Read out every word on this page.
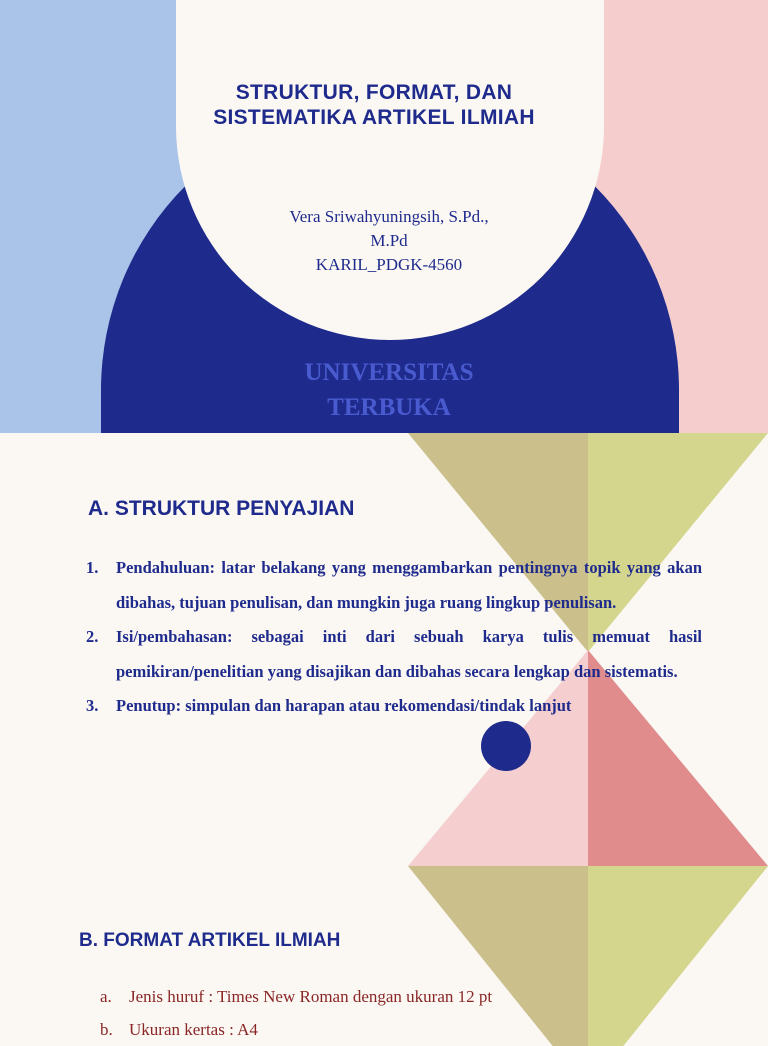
STRUKTUR, FORMAT, DAN
SISTEMATIKA ARTIKEL ILMIAH
Vera Sriwahyuningsih, S.Pd.,
M.Pd
KARIL_PDGK-4560
UNIVERSITAS
TERBUKA
A. STRUKTUR PENYAJIAN
1. Pendahuluan: latar belakang yang menggambarkan pentingnya topik yang akan dibahas, tujuan penulisan, dan mungkin juga ruang lingkup penulisan.
2. Isi/pembahasan: sebagai inti dari sebuah karya tulis memuat hasil pemikiran/penelitian yang disajikan dan dibahas secara lengkap dan sistematis.
3. Penutup: simpulan dan harapan atau rekomendasi/tindak lanjut
B. FORMAT ARTIKEL ILMIAH
a. Jenis huruf : Times New Roman dengan ukuran 12 pt
b. Ukuran kertas : A4
